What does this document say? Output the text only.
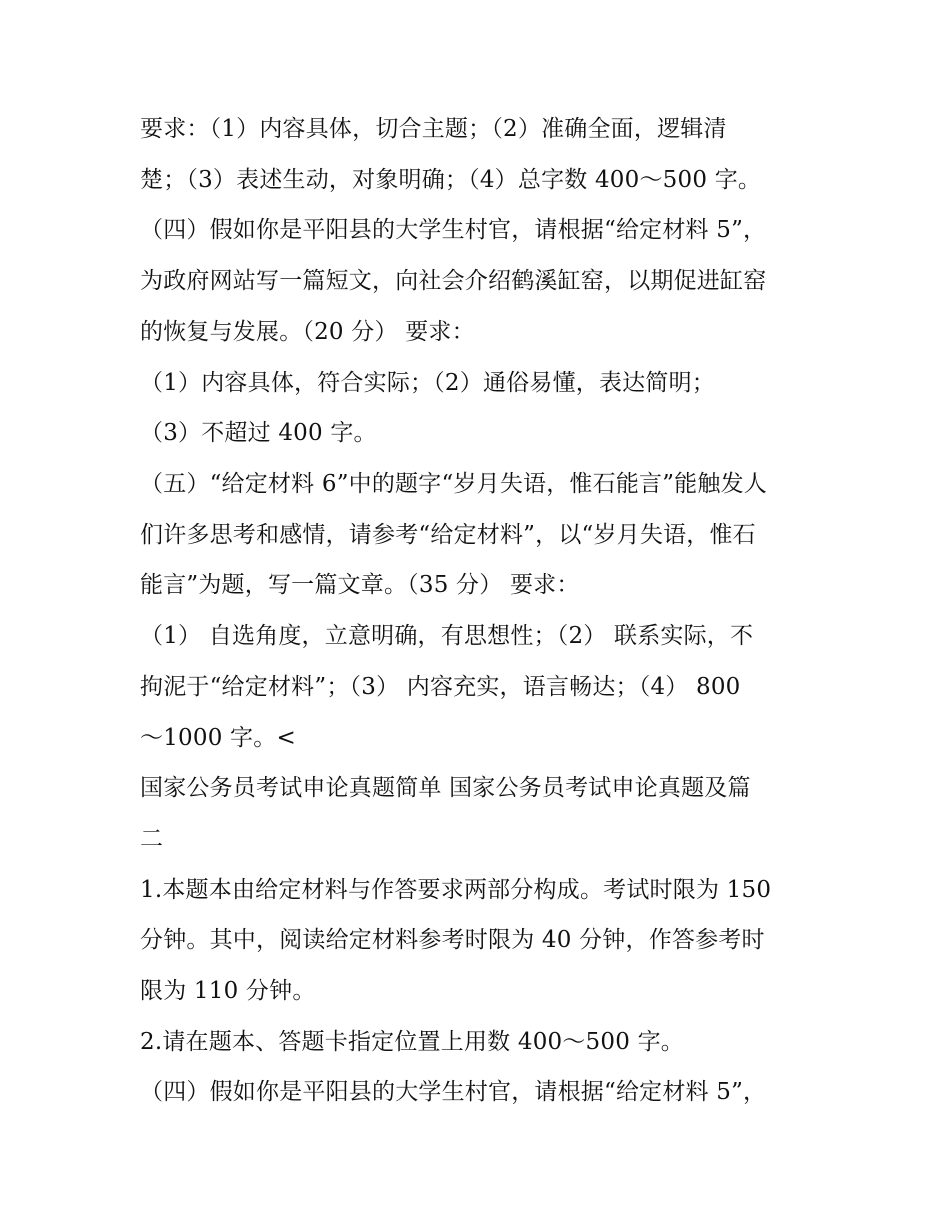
要求：（1）内容具体，切合主题；（2）准确全面，逻辑清
楚；（3）表述生动，对象明确；（4）总字数 400～500 字。
（四）假如你是平阳县的大学生村官，请根据“给定材料 5”，
为政府网站写一篇短文，向社会介绍鹤溪缸窑，以期促进缸窑
的恢复与发展。（20 分） 要求：
（1）内容具体，符合实际；（2）通俗易懂，表达简明；
（3）不超过 400 字。
（五）“给定材料 6”中的题字“岁月失语，惟石能言”能触发人
们许多思考和感情，请参考“给定材料”，以“岁月失语，惟石
能言”为题，写一篇文章。（35 分） 要求：
（1） 自选角度，立意明确，有思想性；（2） 联系实际，不
拘泥于“给定材料”；（3） 内容充实，语言畅达；（4） 800
～1000 字。<
国家公务员考试申论真题简单 国家公务员考试申论真题及篇
二
1.本题本由给定材料与作答要求两部分构成。考试时限为 150
分钟。其中，阅读给定材料参考时限为 40 分钟，作答参考时
限为 110 分钟。
2.请在题本、答题卡指定位置上用数 400～500 字。
（四）假如你是平阳县的大学生村官，请根据“给定材料 5”，
